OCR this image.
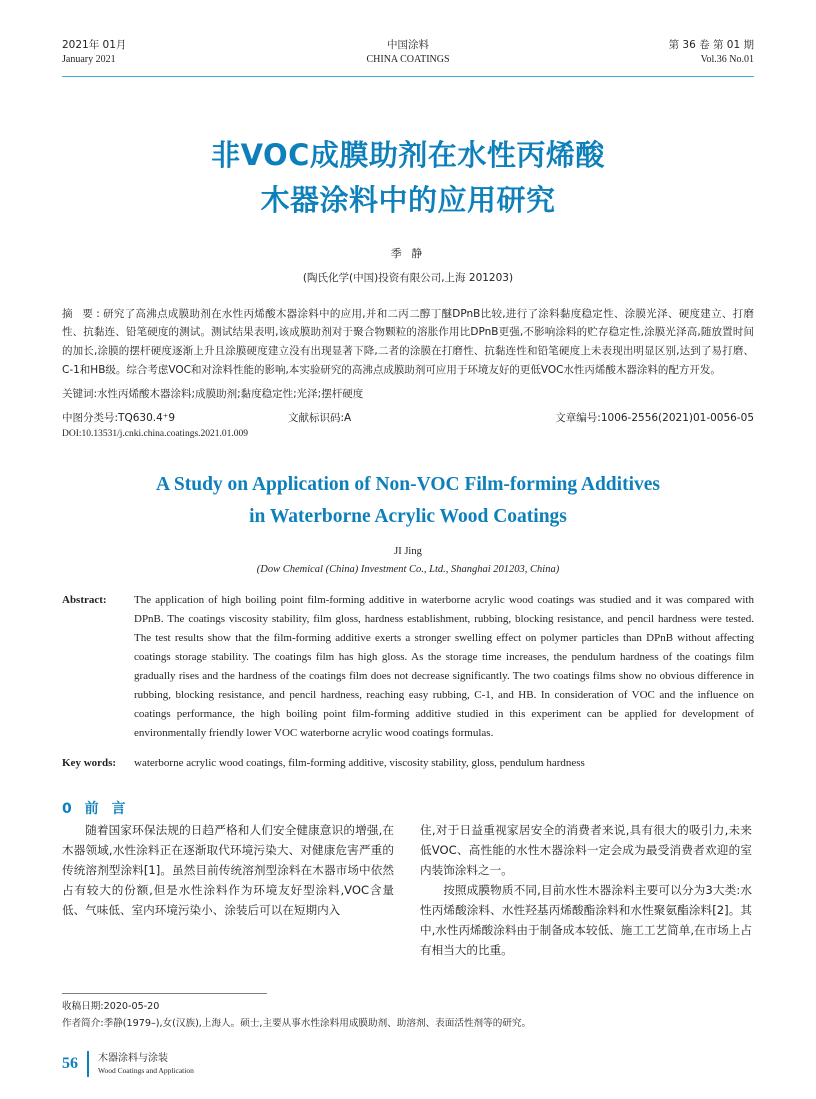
2021年 01月
January 2021
中国涂料
CHINA COATINGS
第 36 卷 第 01 期
Vol.36 No.01
非VOC成膜助剂在水性丙烯酸
木器涂料中的应用研究
季 静
(陶氏化学(中国)投资有限公司,上海 201203)

摘 要:研究了高沸点成膜助剂在水性丙烯酸木器涂料中的应用,并和二丙二醇丁醚DPnB比较,进行了涂料黏度稳定性、涂膜光泽、硬度建立、打磨性、抗黏连、铅笔硬度的测试。测试结果表明,该成膜助剂对于聚合物颗粒的溶胀作用比DPnB更强,不影响涂料的贮存稳定性,涂膜光泽高,随放置时间的加长,涂膜的摆杆硬度逐渐上升且涂膜硬度建立没有出现显著下降,二者的涂膜在打磨性、抗黏连性和铅笔硬度上未表现出明显区别,达到了易打磨、C-1和HB级。综合考虑VOC和对涂料性能的影响,本实验研究的高沸点成膜助剂可应用于环境友好的更低VOC水性丙烯酸木器涂料的配方开发。

关键词:水性丙烯酸木器涂料;成膜助剂;黏度稳定性;光泽;摆杆硬度
中图分类号:TQ630.4⁺9	文献标识码:A	文章编号:1006-2556(2021)01-0056-05
DOI:10.13531/j.cnki.china.coatings.2021.01.009
A Study on Application of Non-VOC Film-forming Additives
in Waterborne Acrylic Wood Coatings
JI Jing
(Dow Chemical (China) Investment Co., Ltd., Shanghai 201203, China)
Abstract: The application of high boiling point film-forming additive in waterborne acrylic wood coatings was studied and it was compared with DPnB. The coatings viscosity stability, film gloss, hardness establishment, rubbing, blocking resistance, and pencil hardness were tested. The test results show that the film-forming additive exerts a stronger swelling effect on polymer particles than DPnB without affecting coatings storage stability. The coatings film has high gloss. As the storage time increases, the pendulum hardness of the coatings film gradually rises and the hardness of the coatings film does not decrease significantly. The two coatings films show no obvious difference in rubbing, blocking resistance, and pencil hardness, reaching easy rubbing, C-1, and HB. In consideration of VOC and the influence on coatings performance, the high boiling point film-forming additive studied in this experiment can be applied for development of environmentally friendly lower VOC waterborne acrylic wood coatings formulas.
Key words: waterborne acrylic wood coatings, film-forming additive, viscosity stability, gloss, pendulum hardness
0 前 言

随着国家环保法规的日趋严格和人们安全健康意识的增强,在木器领域,水性涂料正在逐渐取代环境污染大、对健康危害严重的传统溶剂型涂料[1]。虽然目前传统溶剂型涂料在木器市场中依然占有较大的份额,但是水性涂料作为环境友好型涂料,VOC含量低、气味低、室内环境污染小、涂装后可以在短期内入

住,对于日益重视家居安全的消费者来说,具有很大的吸引力,未来低VOC、高性能的水性木器涂料一定会成为最受消费者欢迎的室内装饰涂料之一。

按照成膜物质不同,目前水性木器涂料主要可以分为3大类:水性丙烯酸涂料、水性羟基丙烯酸酯涂料和水性聚氨酯涂料[2]。其中,水性丙烯酸涂料由于制备成本较低、施工工艺简单,在市场上占有相当大的比重。

收稿日期:2020-05-20
作者简介:季静(1979–),女(汉族),上海人。硕士,主要从事水性涂料用成膜助剂、助溶剂、表面活性剂等的研究。
56 木器涂料与涂装
Wood Coatings and Application
